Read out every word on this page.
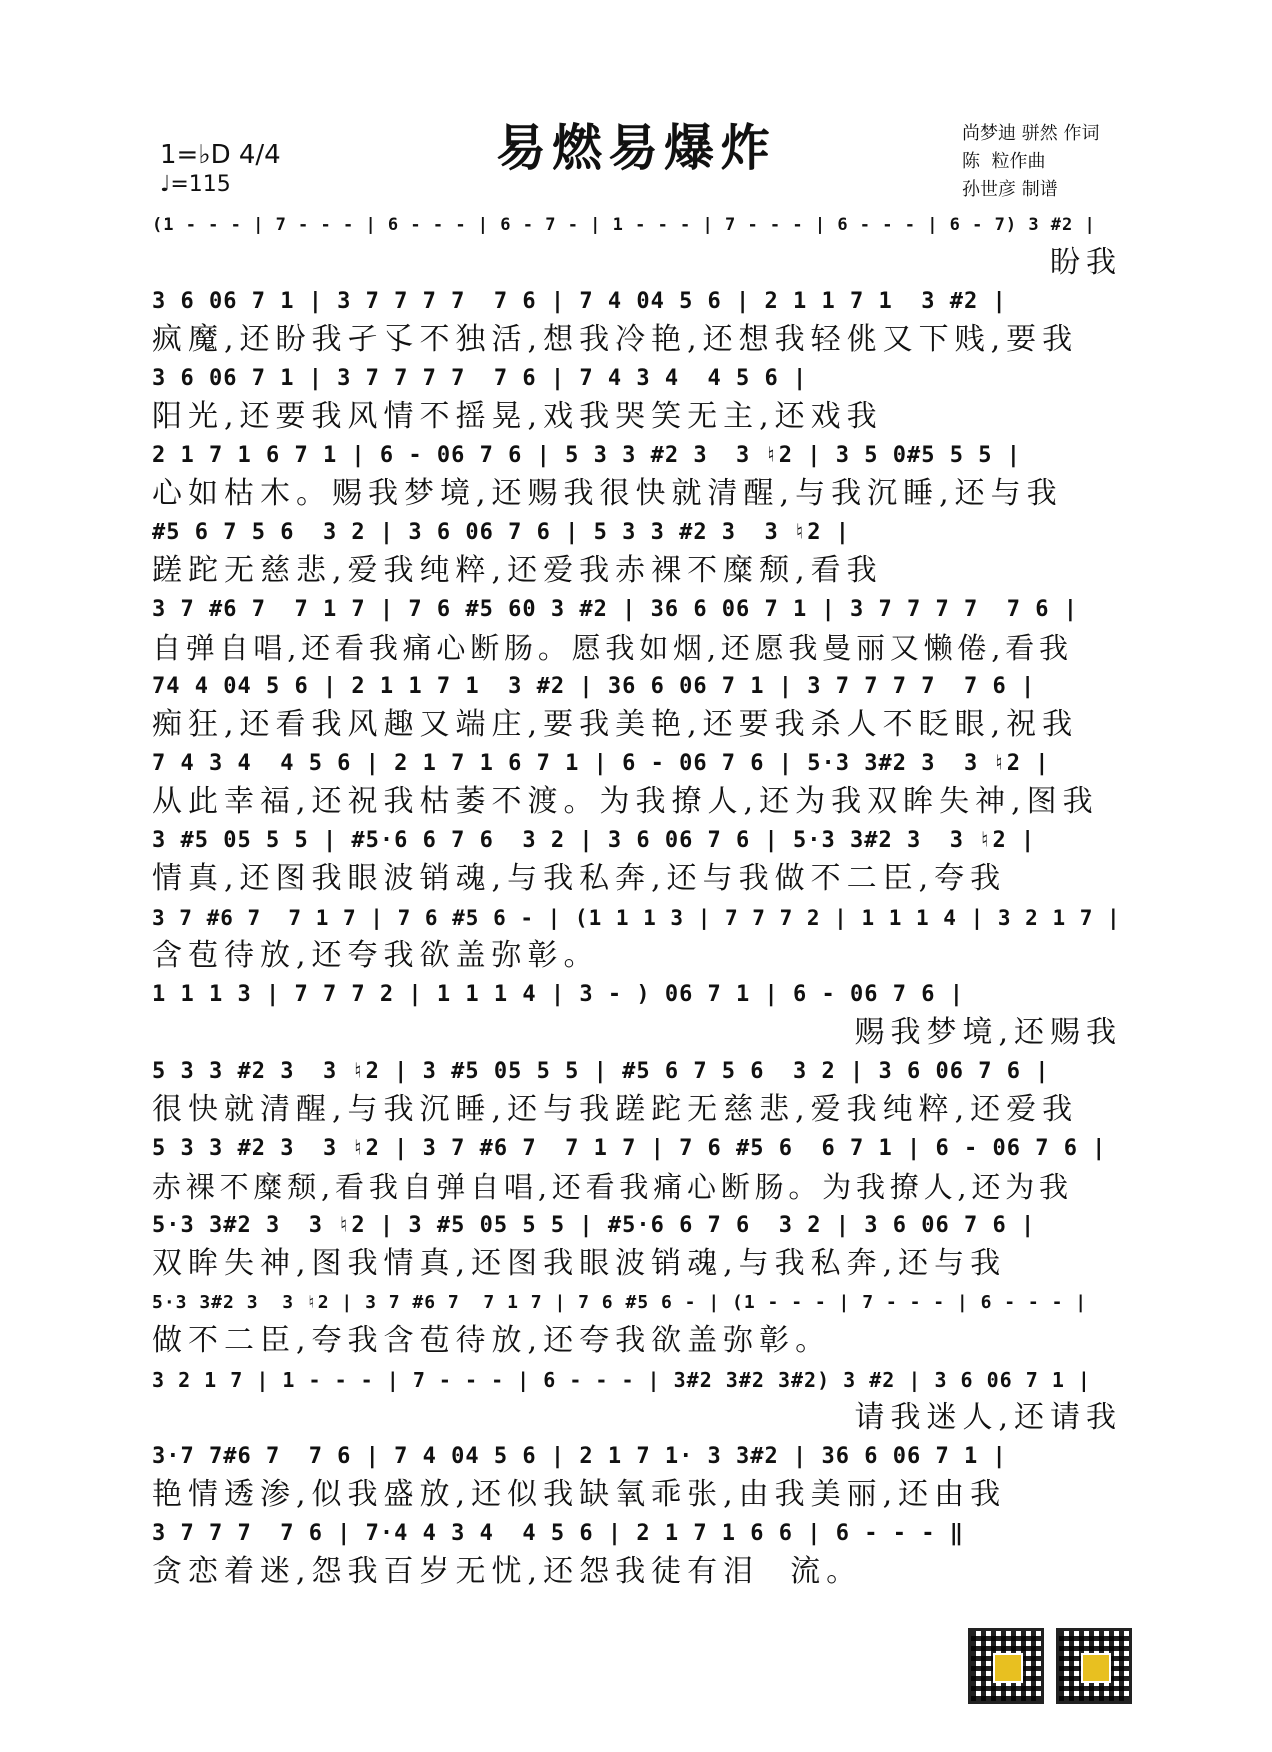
易燃易爆炸
1=♭D 4/4
♩=115
尚梦迪 骈然 作词
陈  粒作曲
孙世彦 制谱
(1 - - - | 7 - - - | 6 - - - | 6 - 7 - | 1 - - - | 7 - - - | 6 - - - | 6 - 7) 3 #2 |
盼我
3 6 06 7 1 | 3 7 7 7 7  7 6 | 7 4 04 5 6 | 2 1 1 7 1  3 #2 |
疯魔,还盼我孑孓不独活,想我冷艳,还想我轻佻又下贱,要我
3 6 06 7 1 | 3 7 7 7 7  7 6 | 7 4 3 4  4 5 6 |
阳光,还要我风情不摇晃,戏我哭笑无主,还戏我
2 1 7 1 6 7 1 | 6 - 06 7 6 | 5 3 3 #2 3  3 ♮2 | 3 5 0#5 5 5 |
心如枯木。赐我梦境,还赐我很快就清醒,与我沉睡,还与我
#5 6 7 5 6  3 2 | 3 6 06 7 6 | 5 3 3 #2 3  3 ♮2 |
蹉跎无慈悲,爱我纯粹,还爱我赤裸不糜颓,看我
3 7 #6 7  7 1 7 | 7 6 #5 60 3 #2 | 36 6 06 7 1 | 3 7 7 7 7  7 6 |
自弹自唱,还看我痛心断肠。愿我如烟,还愿我曼丽又懒倦,看我
74 4 04 5 6 | 2 1 1 7 1  3 #2 | 36 6 06 7 1 | 3 7 7 7 7  7 6 |
痴狂,还看我风趣又端庄,要我美艳,还要我杀人不眨眼,祝我
7 4 3 4  4 5 6 | 2 1 7 1 6 7 1 | 6 - 06 7 6 | 5·3 3#2 3  3 ♮2 |
从此幸福,还祝我枯萎不渡。为我撩人,还为我双眸失神,图我
3 #5 05 5 5 | #5·6 6 7 6  3 2 | 3 6 06 7 6 | 5·3 3#2 3  3 ♮2 |
情真,还图我眼波销魂,与我私奔,还与我做不二臣,夸我
3 7 #6 7  7 1 7 | 7 6 #5 6 - | (1 1 1 3 | 7 7 7 2 | 1 1 1 4 | 3 2 1 7 |
含苞待放,还夸我欲盖弥彰。
1 1 1 3 | 7 7 7 2 | 1 1 1 4 | 3 - ) 06 7 1 | 6 - 06 7 6 |
赐我梦境,还赐我
5 3 3 #2 3  3 ♮2 | 3 #5 05 5 5 | #5 6 7 5 6  3 2 | 3 6 06 7 6 |
很快就清醒,与我沉睡,还与我蹉跎无慈悲,爱我纯粹,还爱我
5 3 3 #2 3  3 ♮2 | 3 7 #6 7  7 1 7 | 7 6 #5 6  6 7 1 | 6 - 06 7 6 |
赤裸不糜颓,看我自弹自唱,还看我痛心断肠。为我撩人,还为我
5·3 3#2 3  3 ♮2 | 3 #5 05 5 5 | #5·6 6 7 6  3 2 | 3 6 06 7 6 |
双眸失神,图我情真,还图我眼波销魂,与我私奔,还与我
5·3 3#2 3  3 ♮2 | 3 7 #6 7  7 1 7 | 7 6 #5 6 - | (1 - - - | 7 - - - | 6 - - - |
做不二臣,夸我含苞待放,还夸我欲盖弥彰。
3 2 1 7 | 1 - - - | 7 - - - | 6 - - - | 3#2 3#2 3#2) 3 #2 | 3 6 06 7 1 |
请我迷人,还请我
3·7 7#6 7  7 6 | 7 4 04 5 6 | 2 1 7 1· 3 3#2 | 36 6 06 7 1 |
艳情透渗,似我盛放,还似我缺氧乖张,由我美丽,还由我
3 7 7 7  7 6 | 7·4 4 3 4  4 5 6 | 2 1 7 1 6 6 | 6 - - - ‖
贪恋着迷,怨我百岁无忧,还怨我徒有泪  流。
